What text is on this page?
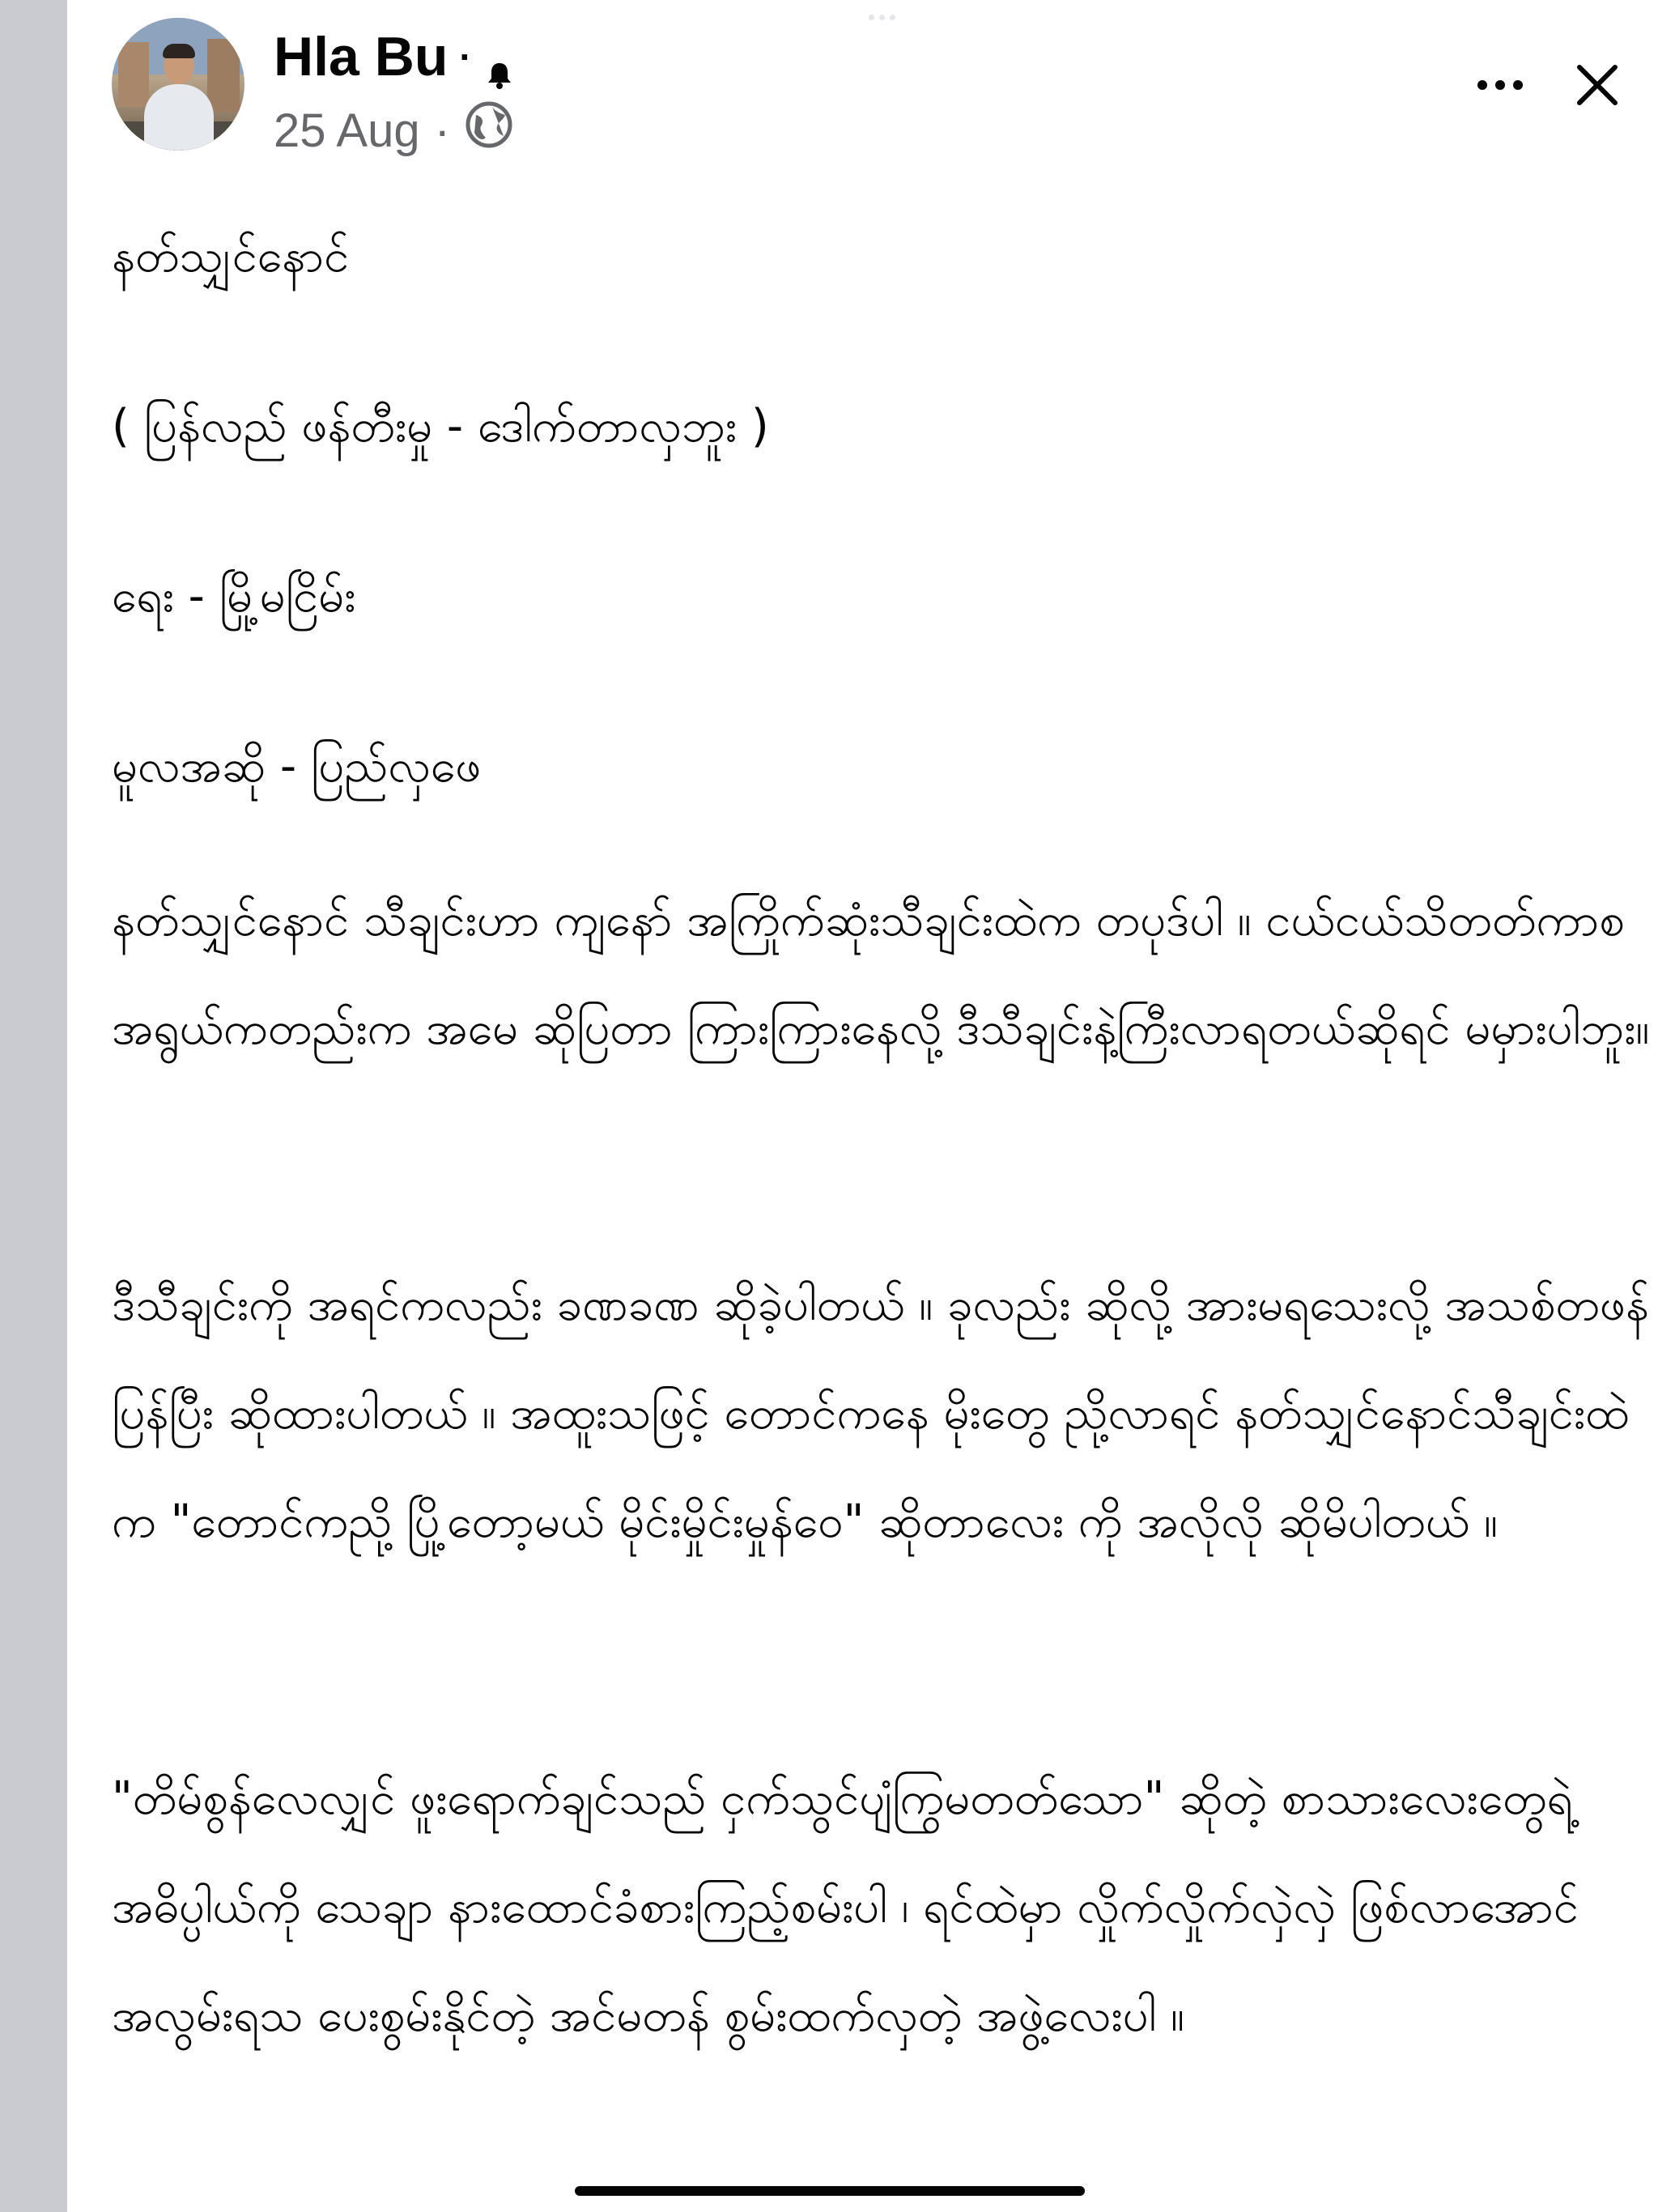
Hla Bu ·
25 Aug ·
နတ်သျှင်နောင်
( ပြန်လည် ဖန်တီးမှု - ဒေါက်တာလှဘူး )
ရေး - မြို့မငြိမ်း
မူလအဆို - ပြည်လှဖေ
နတ်သျှင်နောင် သီချင်းဟာ ကျနော် အကြိုက်ဆုံးသီချင်းထဲက တပုဒ်ပါ ။ ငယ်ငယ်သိတတ်ကာစ အရွယ်ကတည်းက အမေ ဆိုပြတာ ကြားကြားနေလို့ ဒီသီချင်းနဲ့ကြီးလာရတယ်ဆိုရင် မမှားပါဘူး။
ဒီသီချင်းကို အရင်ကလည်း ခဏခဏ ဆိုခဲ့ပါတယ် ။ ခုလည်း ဆိုလို့ အားမရသေးလို့ အသစ်တဖန်ပြန်ပြီး ဆိုထားပါတယ် ။ အထူးသဖြင့် တောင်ကနေ မိုးတွေ ညို့လာရင် နတ်သျှင်နောင်သီချင်းထဲက "တောင်ကညို့ ပြို့တော့မယ် မိုင်းမှိုင်းမှုန်ဝေ" ဆိုတာလေး ကို အလိုလို ဆိုမိပါတယ် ။
"တိမ်စွန်လေလျှင် ဖူးရောက်ချင်သည် ငှက်သွင်ပျံကြွမတတ်သော" ဆိုတဲ့ စာသားလေးတွေရဲ့ အဓိပ္ပါယ်ကို သေချာ နားထောင်ခံစားကြည့်စမ်းပါ ၊ ရင်ထဲမှာ လှိုက်လှိုက်လှဲလှဲ ဖြစ်လာအောင် အလွမ်းရသ ပေးစွမ်းနိုင်တဲ့ အင်မတန် စွမ်းထက်လှတဲ့ အဖွဲ့လေးပါ ။
